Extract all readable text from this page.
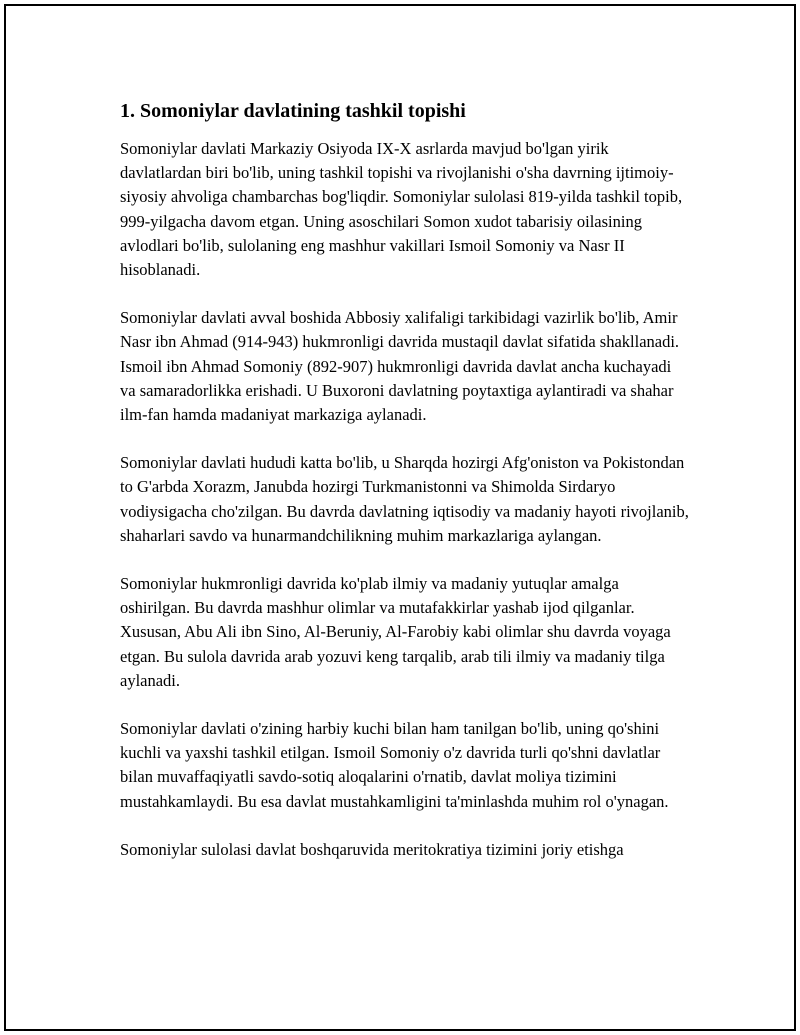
1. Somoniylar davlatining tashkil topishi

Somoniylar davlati Markaziy Osiyoda IX-X asrlarda mavjud bo'lgan yirik davlatlardan biri bo'lib, uning tashkil topishi va rivojlanishi o'sha davrning ijtimoiy-siyosiy ahvoliga chambarchas bog'liqdir. Somoniylar sulolasi 819-yilda tashkil topib, 999-yilgacha davom etgan. Uning asoschilari Somon xudot tabarisiy oilasining avlodlari bo'lib, sulolaning eng mashhur vakillari Ismoil Somoniy va Nasr II hisoblanadi.

Somoniylar davlati avval boshida Abbosiy xalifaligi tarkibidagi vazirlik bo'lib, Amir Nasr ibn Ahmad (914-943) hukmronligi davrida mustaqil davlat sifatida shakllanadi. Ismoil ibn Ahmad Somoniy (892-907) hukmronligi davrida davlat ancha kuchayadi va samaradorlikka erishadi. U Buxoroni davlatning poytaxtiga aylantiradi va shahar ilm-fan hamda madaniyat markaziga aylanadi.

Somoniylar davlati hududi katta bo'lib, u Sharqda hozirgi Afg'oniston va Pokistondan to G'arbda Xorazm, Janubda hozirgi Turkmanistonni va Shimolda Sirdaryo vodiysigacha cho'zilgan. Bu davrda davlatning iqtisodiy va madaniy hayoti rivojlanib, shaharlari savdo va hunarmandchilikning muhim markazlariga aylangan.

Somoniylar hukmronligi davrida ko'plab ilmiy va madaniy yutuqlar amalga oshirilgan. Bu davrda mashhur olimlar va mutafakkirlar yashab ijod qilganlar. Xususan, Abu Ali ibn Sino, Al-Beruniy, Al-Farobiy kabi olimlar shu davrda voyaga etgan. Bu sulola davrida arab yozuvi keng tarqalib, arab tili ilmiy va madaniy tilga aylanadi.

Somoniylar davlati o'zining harbiy kuchi bilan ham tanilgan bo'lib, uning qo'shini kuchli va yaxshi tashkil etilgan. Ismoil Somoniy o'z davrida turli qo'shni davlatlar bilan muvaffaqiyatli savdo-sotiq aloqalarini o'rnatib, davlat moliya tizimini mustahkamlaydi. Bu esa davlat mustahkamligini ta'minlashda muhim rol o'ynagan.

Somoniylar sulolasi davlat boshqaruvida meritokratiya tizimini joriy etishga
